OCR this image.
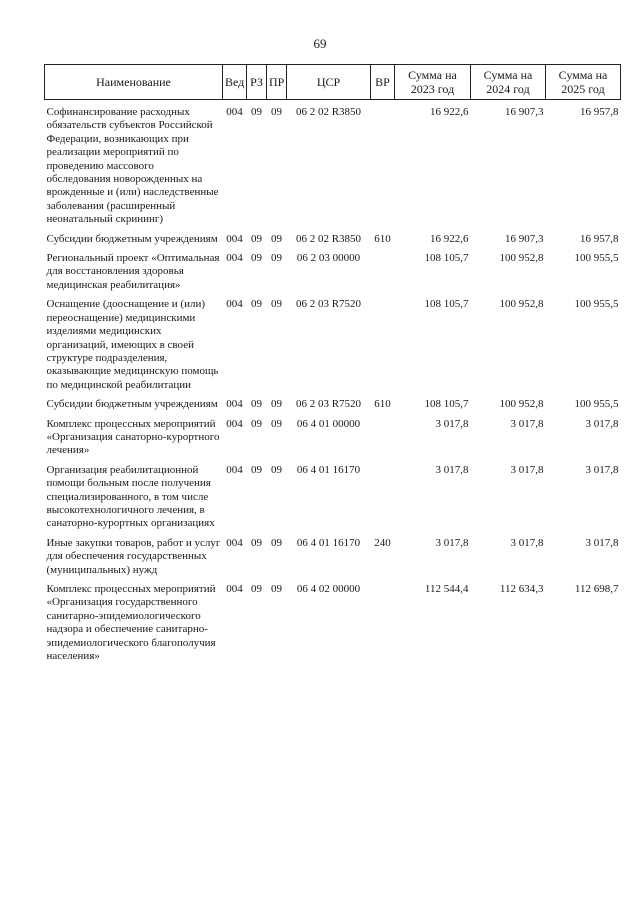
69
Наименование	Вед	РЗ	ПР	ЦСР	ВР	Сумма на 2023 год	Сумма на 2024 год	Сумма на 2025 год
Софинансирование расходных обязательств субъектов Российской Федерации, возникающих при реализации мероприятий по проведению массового обследования новорожденных на врожденные и (или) наследственные заболевания (расширенный неонатальный скрининг)	004	09	09	06 2 02 R3850		16 922,6	16 907,3	16 957,8
Субсидии бюджетным учреждениям	004	09	09	06 2 02 R3850	610	16 922,6	16 907,3	16 957,8
Региональный проект «Оптимальная для восстановления здоровья медицинская реабилитация»	004	09	09	06 2 03 00000		108 105,7	100 952,8	100 955,5
Оснащение (дооснащение и (или) переоснащение) медицинскими изделиями медицинских организаций, имеющих в своей структуре подразделения, оказывающие медицинскую помощь по медицинской реабилитации	004	09	09	06 2 03 R7520		108 105,7	100 952,8	100 955,5
Субсидии бюджетным учреждениям	004	09	09	06 2 03 R7520	610	108 105,7	100 952,8	100 955,5
Комплекс процессных мероприятий «Организация санаторно-курортного лечения»	004	09	09	06 4 01 00000		3 017,8	3 017,8	3 017,8
Организация реабилитационной помощи больным после получения специализированного, в том числе высокотехнологичного лечения, в санаторно-курортных организациях	004	09	09	06 4 01 16170		3 017,8	3 017,8	3 017,8
Иные закупки товаров, работ и услуг для обеспечения государственных (муниципальных) нужд	004	09	09	06 4 01 16170	240	3 017,8	3 017,8	3 017,8
Комплекс процессных мероприятий «Организация государственного санитарно-эпидемиологического надзора и обеспечение санитарно-эпидемиологического благополучия населения»	004	09	09	06 4 02 00000		112 544,4	112 634,3	112 698,7
